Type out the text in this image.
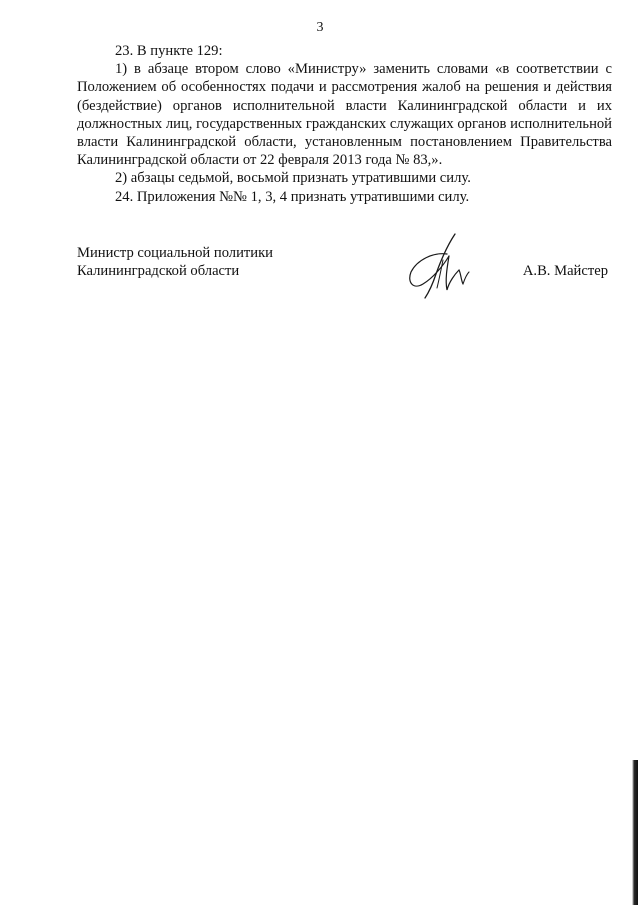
3

23. В пункте 129:

1) в абзаце втором слово «Министру» заменить словами «в соответствии с Положением об особенностях подачи и рассмотрения жалоб на решения и действия (бездействие) органов исполнительной власти Калининградской области и их должностных лиц, государственных гражданских служащих органов исполнительной власти Калининградской области, установленным постановлением Правительства Калининградской области от 22 февраля 2013 года № 83,».

2) абзацы седьмой, восьмой признать утратившими силу.

24. Приложения №№ 1, 3, 4 признать утратившими силу.

Министр социальной политики
Калининградской области	А.В. Майстер
